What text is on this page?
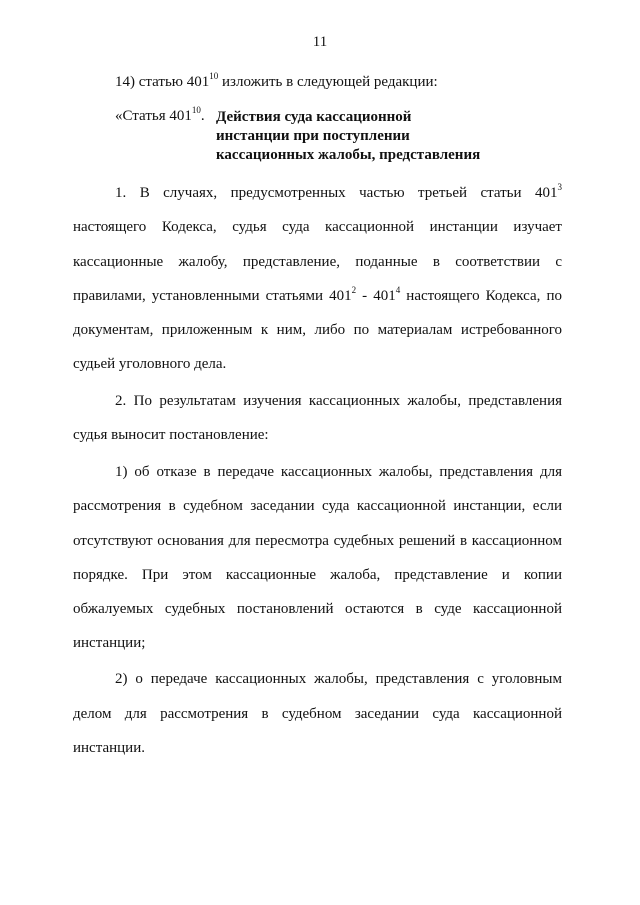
11
14) статью $401^{10}$ изложить в следующей редакции:
«Статья $401^{10}$. Действия суда кассационной
инстанции при поступлении
кассационных жалобы, представления
1. В случаях, предусмотренных частью третьей статьи $401^3$
настоящего Кодекса, судья суда кассационной инстанции изучает
кассационные жалобу, представление, поданные в соответствии с
правилами, установленными статьями $401^2 - 401^4$ настоящего Кодекса, по
документам, приложенным к ним, либо по материалам истребованного
судьей уголовного дела.
2. По результатам изучения кассационных жалобы, представления
судья выносит постановление:
1) об отказе в передаче кассационных жалобы, представления для
рассмотрения в судебном заседании суда кассационной инстанции, если
отсутствуют основания для пересмотра судебных решений в кассационном
порядке. При этом кассационные жалоба, представление и копии
обжалуемых судебных постановлений остаются в суде кассационной
инстанции;
2) о передаче кассационных жалобы, представления с уголовным
делом для рассмотрения в судебном заседании суда кассационной
инстанции.
